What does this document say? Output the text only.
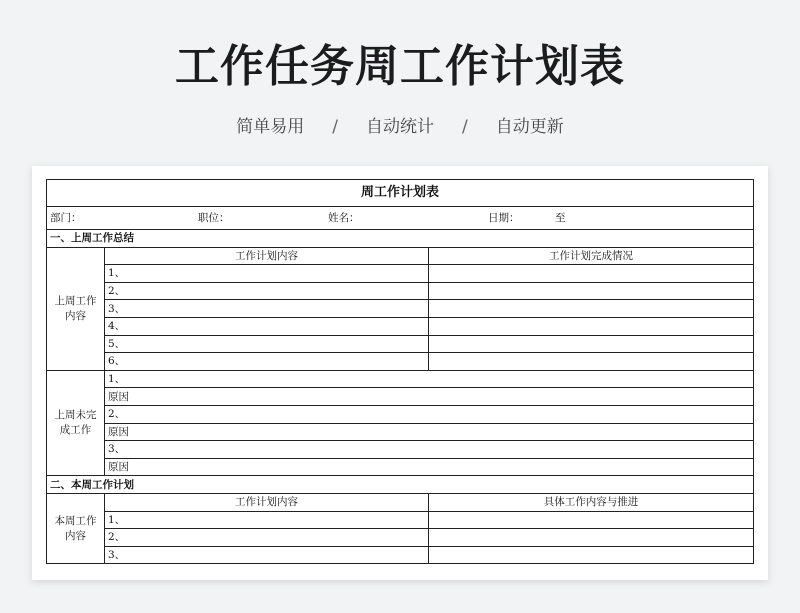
工作任务周工作计划表
简单易用 / 自动统计 / 自动更新
周工作计划表		

部门： 职位： 姓名： 日期： 至		

一、上周工作总结		
上周工作内容	工作计划内容	工作计划完成情况
	1、	
	2、	
	3、	
	4、	
	5、	
	6、	
上周未完成工作	1、	
	原因	
	2、	
	原因	
	3、	
	原因	
二、本周工作计划		
本周工作内容	工作计划内容	具体工作内容与推进
	1、	
	2、	
	3、	
